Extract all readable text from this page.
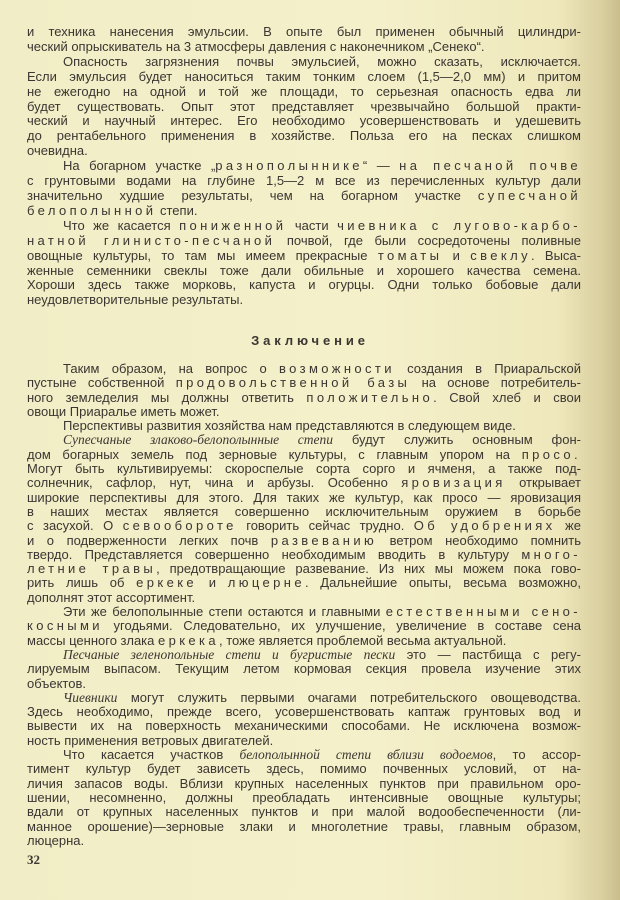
и техника нанесения эмульсии. В опыте был применен обычный цилиндри-
ческий опрыскиватель на 3 атмосферы давления с наконечником „Сенеко“.
Опасность загрязнения почвы эмульсией, можно сказать, исключается.
Если эмульсия будет наноситься таким тонким слоем (1,5—2,0 мм) и притом
не ежегодно на одной и той же площади, то серьезная опасность едва ли
будет существовать. Опыт этот представляет чрезвычайно большой практи-
ческий и научный интерес. Его необходимо усовершенствовать и удешевить
до рентабельного применения в хозяйстве. Польза его на песках слишком
очевидна.
На богарном участке „разнополыннике“ — на песчаной почве
с грунтовыми водами на глубине 1,5—2 м все из перечисленных культур дали
значительно худшие результаты, чем на богарном участке супесчаной
белополынной степи.
Что же касается пониженной части чиевника с лугово-карбо-
натной глинисто-песчаной почвой, где были сосредоточены поливные
овощные культуры, то там мы имеем прекрасные томаты и свеклу. Выса-
женные семенники свеклы тоже дали обильные и хорошего качества семена.
Хороши здесь также морковь, капуста и огурцы. Одни только бобовые дали
неудовлетворительные результаты.
Заключение
Таким образом, на вопрос о возможности создания в Приаральской
пустыне собственной продовольственной базы на основе потребитель-
ного земледелия мы должны ответить положительно. Свой хлеб и свои
овощи Приаралье иметь может.
Перспективы развития хозяйства нам представляются в следующем виде.
Супесчаные злаково-белополынные степи будут служить основным фон-
дом богарных земель под зерновые культуры, с главным упором на просо.
Могут быть культивируемы: скороспелые сорта сорго и ячменя, а также под-
солнечник, сафлор, нут, чина и арбузы. Особенно яровизация открывает
широкие перспективы для этого. Для таких же культур, как просо — яровизация
в наших местах является совершенно исключительным оружием в борьбе
с засухой. О севообороте говорить сейчас трудно. Об удобрениях же
и о подверженности легких почв развеванию ветром необходимо помнить
твердо. Представляется совершенно необходимым вводить в культуру много-
летние травы, предотвращающие развевание. Из них мы можем пока гово-
рить лишь об еркеке и люцерне. Дальнейшие опыты, весьма возможно,
дополнят этот ассортимент.
Эти же белополынные степи остаются и главными естественными сено-
косными угодьями. Следовательно, их улучшение, увеличение в составе сена
массы ценного злака еркека, тоже является проблемой весьма актуальной.
Песчаные зеленопольные степи и бугристые пески это — пастбища с регу-
лируемым выпасом. Текущим летом кормовая секция провела изучение этих
объектов.
Чиевники могут служить первыми очагами потребительского овощеводства.
Здесь необходимо, прежде всего, усовершенствовать каптаж грунтовых вод и
вывести их на поверхность механическими способами. Не исключена возмож-
ность применения ветровых двигателей.
Что касается участков белополынной степи вблизи водоемов, то ассор-
тимент культур будет зависеть здесь, помимо почвенных условий, от на-
личия запасов воды. Вблизи крупных населенных пунктов при правильном оро-
шении, несомненно, должны преобладать интенсивные овощные культуры;
вдали от крупных населенных пунктов и при малой водообеспеченности (ли-
манное орошение)—зерновые злаки и многолетние травы, главным образом,
люцерна.
32
